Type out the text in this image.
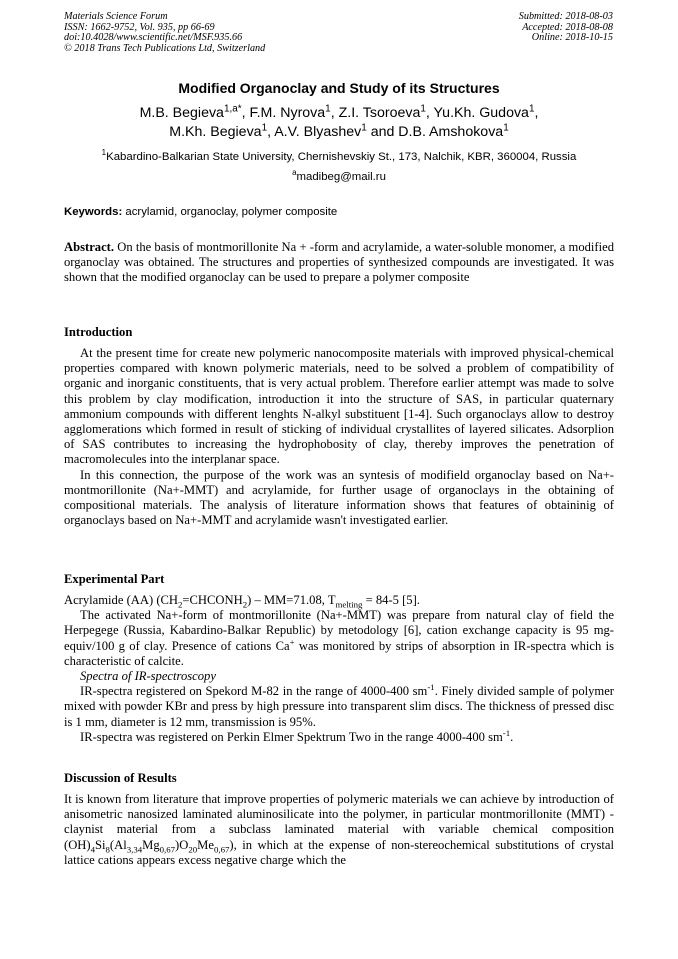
Materials Science Forum
ISSN: 1662-9752, Vol. 935, pp 66-69
doi:10.4028/www.scientific.net/MSF.935.66
© 2018 Trans Tech Publications Ltd, Switzerland
Submitted: 2018-08-03
Accepted: 2018-08-08
Online: 2018-10-15
Modified Organoclay and Study of its Structures
M.B. Begieva$^{1,a*}$, F.M. Nyrova$^1$, Z.I. Tsoroeva$^1$, Yu.Kh. Gudova$^1$,
M.Kh. Begieva$^1$, A.V. Blyashev$^1$ and D.B. Amshokova$^1$
$^1$Kabardino-Balkarian State University, Chernishevskiy St., 173, Nalchik, KBR, 360004, Russia
$^a$madibeg@mail.ru
Keywords: acrylamid, organoclay, polymer composite

Abstract. On the basis of montmorillonite Na + -form and acrylamide, a water-soluble monomer, a modified organoclay was obtained. The structures and properties of synthesized compounds are investigated. It was shown that the modified organoclay can be used to prepare a polymer composite

Introduction

At the present time for create new polymeric nanocomposite materials with improved physical-chemical properties compared with known polymeric materials, need to be solved a problem of compatibility of organic and inorganic constituents, that is very actual problem. Therefore earlier attempt was made to solve this problem by clay modification, introduction it into the structure of SAS, in particular quaternary ammonium compounds with different lenghts N-alkyl substituent [1-4]. Such organoclays allow to destroy agglomerations which formed in result of sticking of individual crystallites of layered silicates. Adsorplion of SAS contributes to increasing the hydrophobosity of clay, thereby improves the penetration of macromolecules into the interplanar space.

In this connection, the purpose of the work was an syntesis of modifield organoclay based on Na+-montmorillonite (Na+-MMT) and acrylamide, for further usage of organoclays in the obtaining of compositional materials. The analysis of literature information shows that features of obtaininig of organoclays based on Na+-MMT and acrylamide wasn't investigated earlier.

Experimental Part

Acrylamide (AA) $(CH_2=CHCONH_2) - MM=71.08$, $T_{melting} = 84-5$ [5].

The activated Na+-form of montmorillonite (Na+-MMT) was prepare from natural clay of field the Herpegege (Russia, Kabardino-Balkar Republic) by metodology [6], cation exchange capacity is 95 mg-equiv/100 g of clay. Presence of cations Ca+ was monitored by strips of absorption in IR-spectra which is characteristic of calcite.

Spectra of IR-spectroscopy

IR-spectra registered on Spekord M-82 in the range of 4000-400 $sm^{-1}$. Finely divided sample of polymer mixed with powder KBr and press by high pressure into transparent slim discs. The thickness of pressed disc is 1 mm, diameter is 12 mm, transmission is 95%.

IR-spectra was registered on Perkin Elmer Spektrum Two in the range 4000-400 $sm^{-1}$.

Discussion of Results

It is known from literature that improve properties of polymeric materials we can achieve by introduction of anisometric nanosized laminated aluminosilicate into the polymer, in particular montmorillonite (MMT) - claynist material from a subclass laminated material with variable chemical composition $(OH)_4Si_8(Al_{3,34}Mg_{0,67})O_{20}Me_{0,67}$), in which at the expense of non-stereochemical substitutions of crystal lattice cations appears excess negative charge which the
